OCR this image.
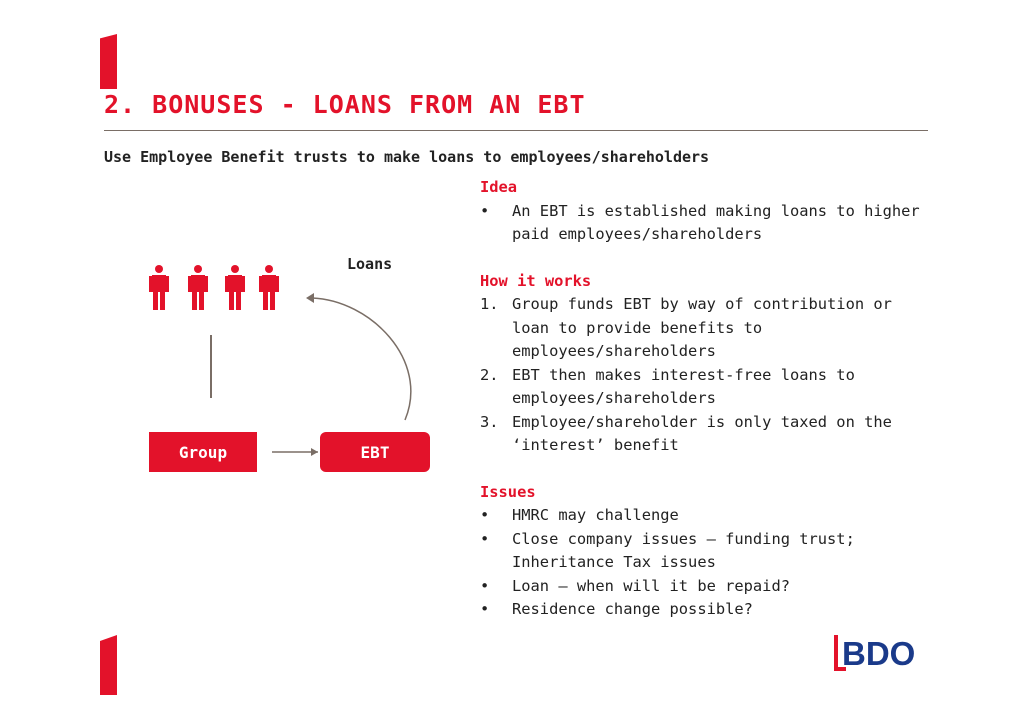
2. BONUSES - LOANS FROM AN EBT
Use Employee Benefit trusts to make loans to employees/shareholders
Loans
Group	EBT
Idea
•	An EBT is established making loans to higher paid employees/shareholders
How it works
1. Group funds EBT by way of contribution or loan to provide benefits to employees/shareholders
2. EBT then makes interest-free loans to employees/shareholders
3. Employee/shareholder is only taxed on the ‘interest’ benefit
Issues
•	HMRC may challenge
•	Close company issues – funding trust; Inheritance Tax issues
•	Loan – when will it be repaid?
•	Residence change possible?
BDO
